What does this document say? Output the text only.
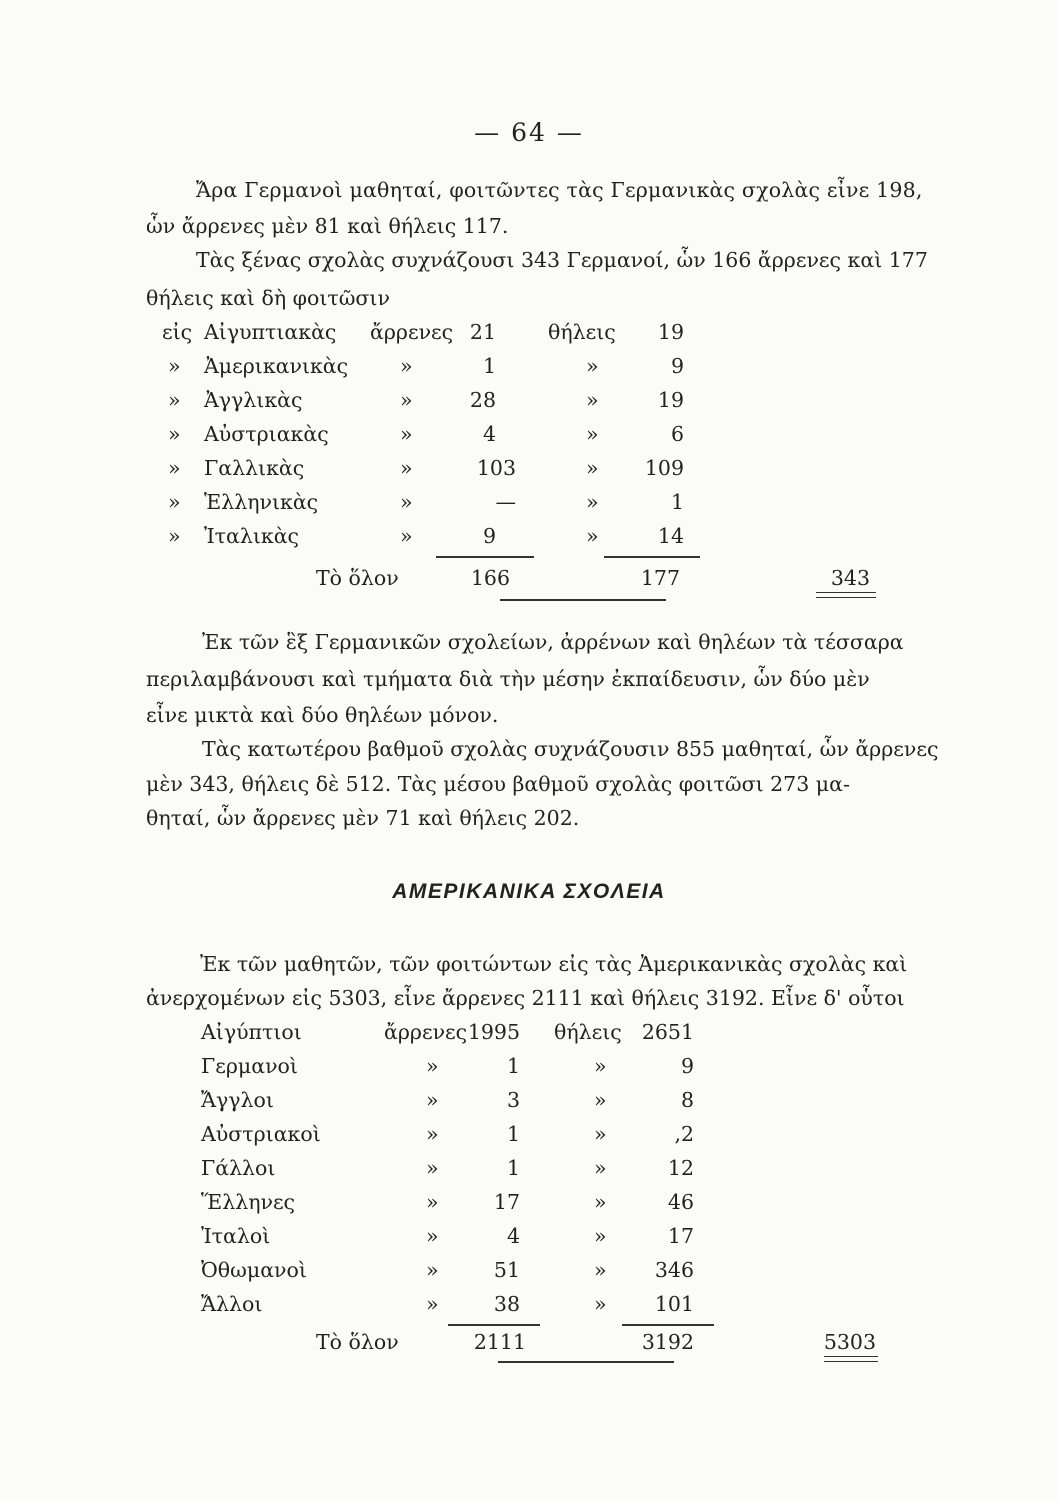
— 64 —
Ἄρα Γερμανοὶ μαθηταί, φοιτῶντες τὰς Γερμανικὰς σχολὰς εἶνε 198,
ὧν ἄρρενες μὲν 81 καὶ θήλεις 117.
Τὰς ξένας σχολὰς συχνάζουσι 343 Γερμανοί, ὧν 166 ἄρρενες καὶ 177
θήλεις καὶ δὴ φοιτῶσιν
εἰς Αἰγυπτιακὰς ἄρρενες 21	θήλεις	19
» Ἀμερικανικὰς	»	1	»	9
» Ἀγγλικὰς	»	28	»	19
» Αὐστριακὰς	»	4	»	6
» Γαλλικὰς	»	103	»	109
» Ἑλληνικὰς	»	—	»	1
» Ἰταλικὰς	»	9	»	14
Τὸ ὅλον	166	177	343
Ἐκ τῶν ἓξ Γερμανικῶν σχολείων, ἀρρένων καὶ θηλέων τὰ τέσσαρα
περιλαμβάνουσι καὶ τμήματα διὰ τὴν μέσην ἐκπαίδευσιν, ὧν δύο μὲν
εἶνε μικτὰ καὶ δύο θηλέων μόνον.
Τὰς κατωτέρου βαθμοῦ σχολὰς συχνάζουσιν 855 μαθηταί, ὧν ἄρρενες
μὲν 343, θήλεις δὲ 512. Τὰς μέσου βαθμοῦ σχολὰς φοιτῶσι 273 μα-
θηταί, ὧν ἄρρενες μὲν 71 καὶ θήλεις 202.
ΑΜΕΡΙΚΑΝΙΚΑ ΣΧΟΛΕΙΑ
Ἐκ τῶν μαθητῶν, τῶν φοιτώντων εἰς τὰς Ἀμερικανικὰς σχολὰς καὶ
ἀνερχομένων εἰς 5303, εἶνε ἄρρενες 2111 καὶ θήλεις 3192. Εἶνε δ' οὗτοι
Αἰγύπτιοι	ἄρρενες 1995 θήλεις 2651
Γερμανοὶ	»	1	»	9
Ἄγγλοι	»	3	»	8
Αὐστριακοὶ	»	1	»	,2
Γάλλοι	»	1	»	12
Ἕλληνες	»	17	»	46
Ἰταλοὶ	»	4	»	17
Ὀθωμανοὶ	»	51	»	346
Ἄλλοι	»	38	»	101
Τὸ ὅλον	2111	3192	5303
